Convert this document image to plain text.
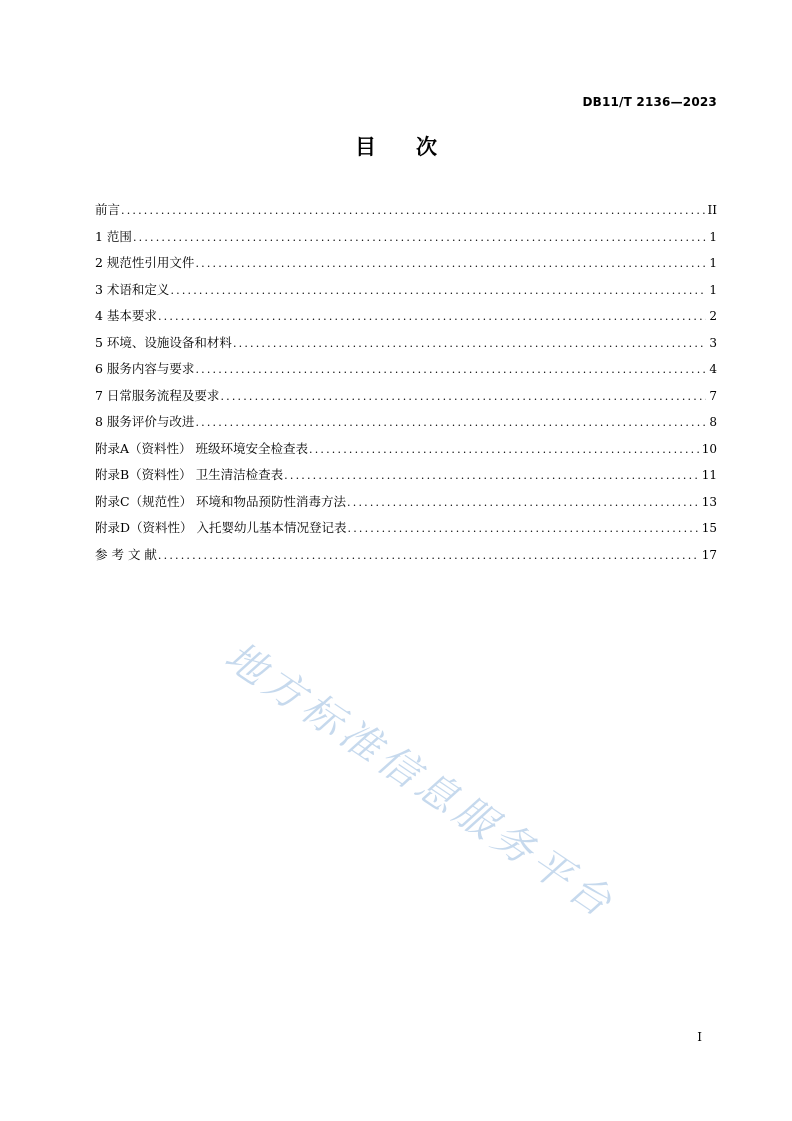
DB11/T 2136—2023
目次
前言 .....	II
1 范围 .....	1
2 规范性引用文件 .....	1
3 术语和定义 .....	1
4 基本要求 .....	2
5 环境、设施设备和材料 .....	3
6 服务内容与要求 .....	4
7 日常服务流程及要求 .....	7
8 服务评价与改进 .....	8
附录A（资料性） 班级环境安全检查表 .....	10
附录B（资料性） 卫生清洁检查表 .....	11
附录C（规范性） 环境和物品预防性消毒方法 .....	13
附录D（资料性） 入托婴幼儿基本情况登记表 .....	15
参 考 文 献 .....	17
地方标准信息服务平台
I
